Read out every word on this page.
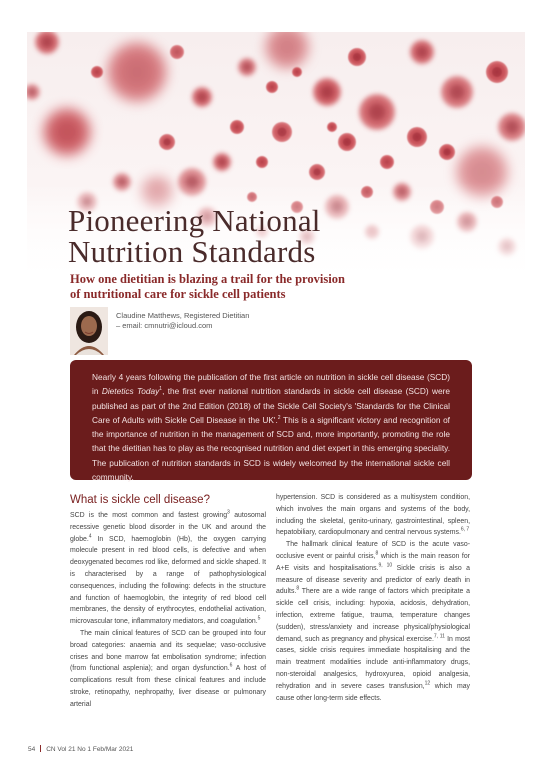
Pioneering National
Nutrition Standards
How one dietitian is blazing a trail for the provision
of nutritional care for sickle cell patients
Claudine Matthews, Registered Dietitian
– email: cmnutri@icloud.com

Nearly 4 years following the publication of the first article on nutrition in sickle cell disease (SCD) in Dietetics Today$^1$, the first ever national nutrition standards in sickle cell disease (SCD) were published as part of the 2nd Edition (2018) of the Sickle Cell Society's 'Standards for the Clinical Care of Adults with Sickle Cell Disease in the UK'.$^2$ This is a significant victory and recognition of the importance of nutrition in the management of SCD and, more importantly, promoting the role that the dietitian has to play as the recognised nutrition and diet expert in this emerging speciality. The publication of nutrition standards in SCD is widely welcomed by the international sickle cell community.

What is sickle cell disease?

SCD is the most common and fastest growing$^3$ autosomal recessive genetic blood disorder in the UK and around the globe.$^4$ In SCD, haemoglobin (Hb), the oxygen carrying molecule present in red blood cells, is defective and when deoxygenated becomes rod like, deformed and sickle shaped. It is characterised by a range of pathophysiological consequences, including the following: defects in the structure and function of haemoglobin, the integrity of red blood cell membranes, the density of erythrocytes, endothelial activation, microvascular tone, inflammatory mediators, and coagulation.$^5$

The main clinical features of SCD can be grouped into four broad categories: anaemia and its sequelae; vaso-occlusive crises and bone marrow fat embolisation syndrome; infection (from functional asplenia); and organ dysfunction.$^6$ A host of complications result from these clinical features and include stroke, retinopathy, nephropathy, liver disease or pulmonary arterial

hypertension. SCD is considered as a multisystem condition, which involves the main organs and systems of the body, including the skeletal, genito-urinary, gastrointestinal, spleen, hepatobiliary, cardiopulmonary and central nervous systems.$^{6, 7}$

The hallmark clinical feature of SCD is the acute vaso-occlusive event or painful crisis,$^8$ which is the main reason for A+E visits and hospitalisations.$^{9, 10}$ Sickle crisis is also a measure of disease severity and predictor of early death in adults.$^8$ There are a wide range of factors which precipitate a sickle cell crisis, including: hypoxia, acidosis, dehydration, infection, extreme fatigue, trauma, temperature changes (sudden), stress/anxiety and increase physical/physiological demand, such as pregnancy and physical exercise.$^{7, 11}$ In most cases, sickle crisis requires immediate hospitalising and the main treatment modalities include anti-inflammatory drugs, non-steroidal analgesics, hydroxyurea, opioid analgesia, rehydration and in severe cases transfusion,$^{12}$ which may cause other long-term side effects.

54 CN Vol 21 No 1 Feb/Mar 2021
